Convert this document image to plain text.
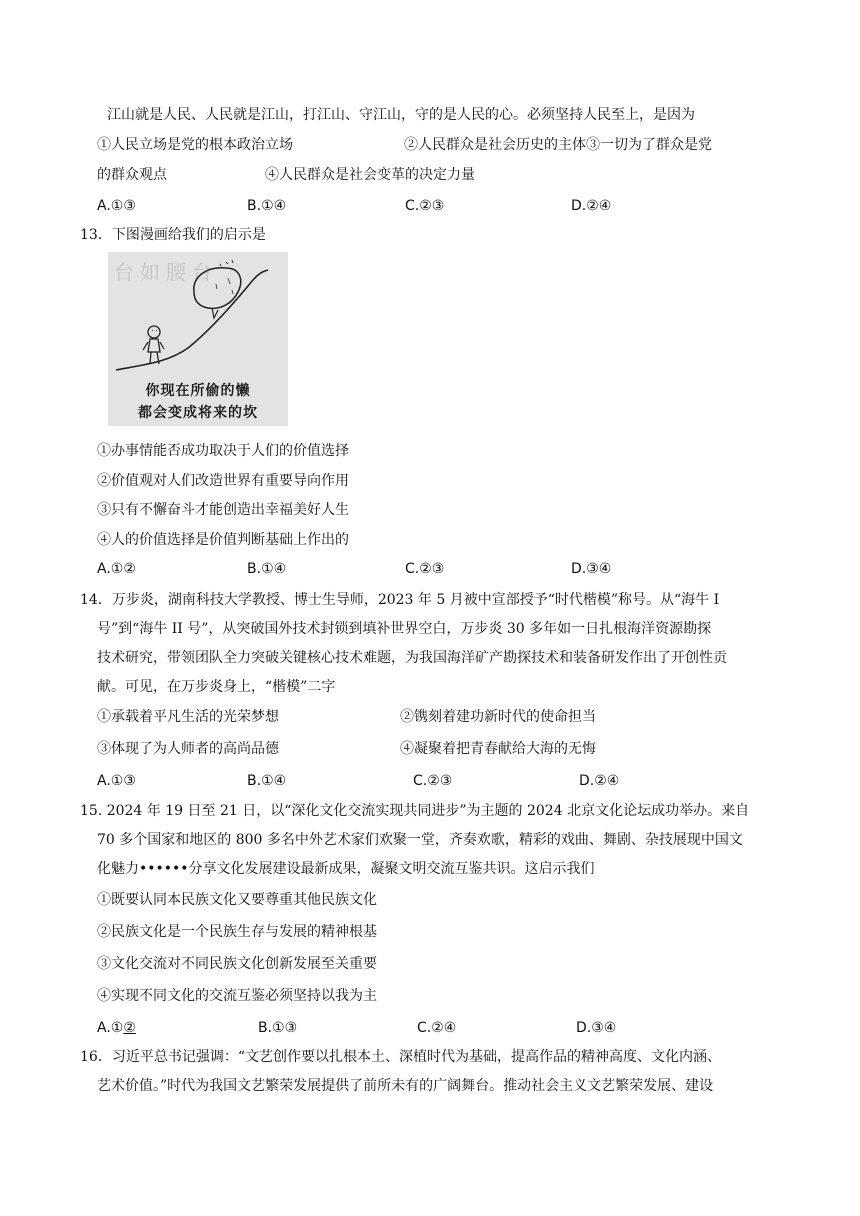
江山就是人民、人民就是江山，打江山、守江山，守的是人民的心。必须坚持人民至上，是因为
①人民立场是党的根本政治立场	②人民群众是社会历史的主体③一切为了群众是党
的群众观点	④人民群众是社会变革的决定力量
A.①③	B.①④	C.②③	D.②④
13．下图漫画给我们的启示是
台如腰台
你现在所偷的懒
都会变成将来的坎
①办事情能否成功取决于人们的价值选择
②价值观对人们改造世界有重要导向作用
③只有不懈奋斗才能创造出幸福美好人生
④人的价值选择是价值判断基础上作出的
A.①②	B.①④	C.②③	D.③④
14．万步炎，湖南科技大学教授、博士生导师，2023 年 5 月被中宣部授予“时代楷模”称号。从“海牛 I
号”到“海牛 II 号”，从突破国外技术封锁到填补世界空白，万步炎 30 多年如一日扎根海洋资源勘探
技术研究，带领团队全力突破关键核心技术难题，为我国海洋矿产勘探技术和装备研发作出了开创性贡
献。可见，在万步炎身上，“楷模”二字
①承载着平凡生活的光荣梦想	②镌刻着建功新时代的使命担当
③体现了为人师者的高尚品德	④凝聚着把青春献给大海的无悔
A.①③	B.①④	C.②③	D.②④
15. 2024 年 19 日至 21 日，以“深化文化交流实现共同进步”为主题的 2024 北京文化论坛成功举办。来自
70 多个国家和地区的 800 多名中外艺术家们欢聚一堂，齐奏欢歌，精彩的戏曲、舞剧、杂技展现中国文
化魅力••••••分享文化发展建设最新成果，凝聚文明交流互鉴共识。这启示我们
①既要认同本民族文化又要尊重其他民族文化
②民族文化是一个民族生存与发展的精神根基
③文化交流对不同民族文化创新发展至关重要
④实现不同文化的交流互鉴必须坚持以我为主
A.①②	B.①③	C.②④	D.③④
16．习近平总书记强调：“文艺创作要以扎根本土、深植时代为基础，提高作品的精神高度、文化内涵、
艺术价值。”时代为我国文艺繁荣发展提供了前所未有的广阔舞台。推动社会主义文艺繁荣发展、建设
